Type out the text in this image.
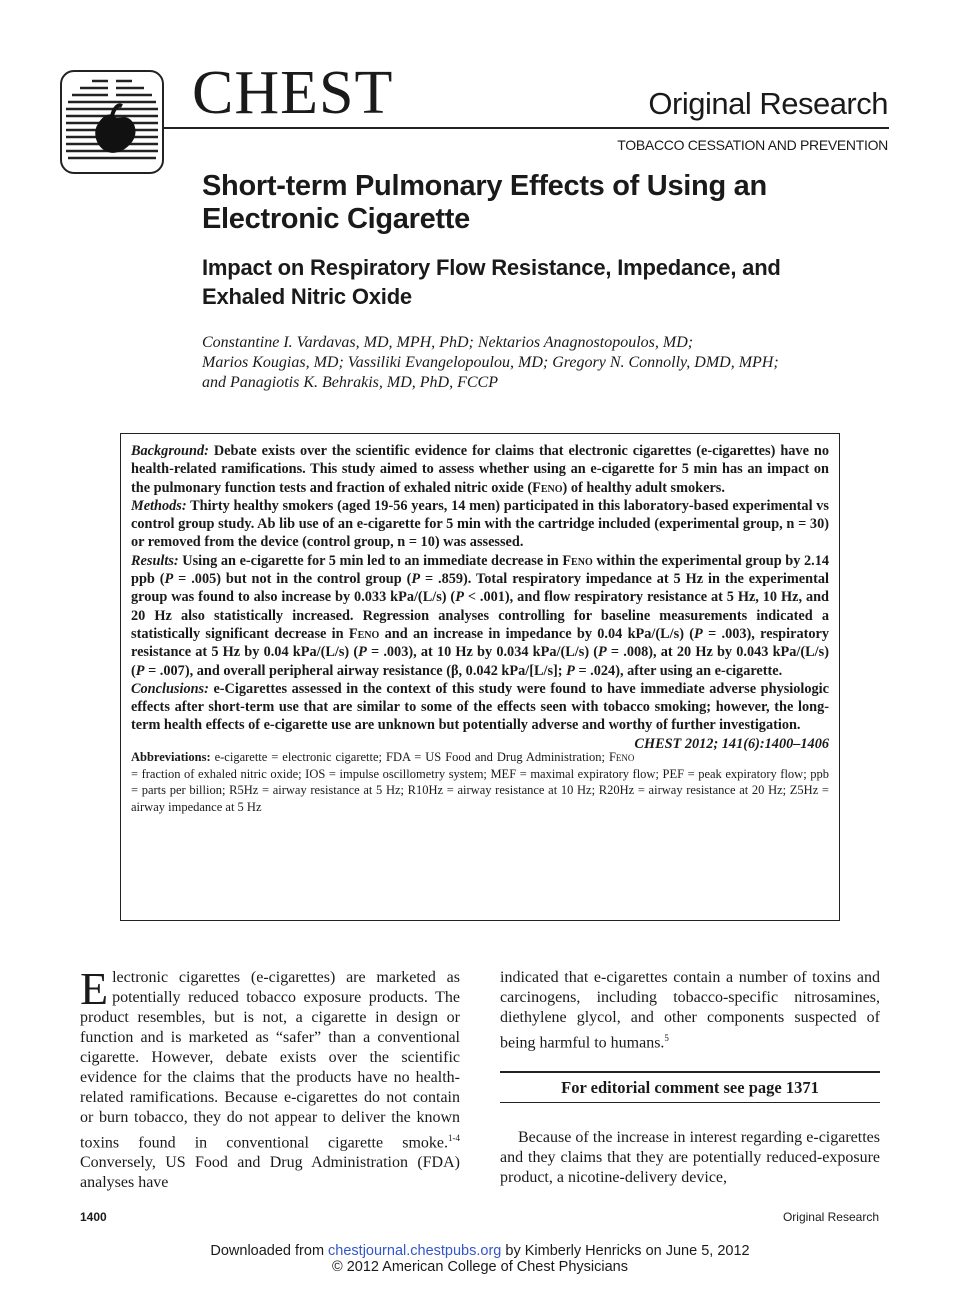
CHEST	Original Research
TOBACCO CESSATION AND PREVENTION
Short-term Pulmonary Effects of Using an Electronic Cigarette
Impact on Respiratory Flow Resistance, Impedance, and Exhaled Nitric Oxide
Constantine I. Vardavas, MD, MPH, PhD; Nektarios Anagnostopoulos, MD;
Marios Kougias, MD; Vassiliki Evangelopoulou, MD; Gregory N. Connolly, DMD, MPH;
and Panagiotis K. Behrakis, MD, PhD, FCCP

Background: Debate exists over the scientific evidence for claims that electronic cigarettes (e-cigarettes) have no health-related ramifications. This study aimed to assess whether using an e-cigarette for 5 min has an impact on the pulmonary function tests and fraction of exhaled nitric oxide (Feno) of healthy adult smokers.

Methods: Thirty healthy smokers (aged 19-56 years, 14 men) participated in this laboratory-based experimental vs control group study. Ab lib use of an e-cigarette for 5 min with the cartridge included (experimental group, n = 30) or removed from the device (control group, n = 10) was assessed.

Results: Using an e-cigarette for 5 min led to an immediate decrease in Feno within the experimental group by 2.14 ppb (P = .005) but not in the control group (P = .859). Total respiratory impedance at 5 Hz in the experimental group was found to also increase by 0.033 kPa/(L/s) (P < .001), and flow respiratory resistance at 5 Hz, 10 Hz, and 20 Hz also statistically increased. Regression analyses controlling for baseline measurements indicated a statistically significant decrease in Feno and an increase in impedance by 0.04 kPa/(L/s) (P = .003), respiratory resistance at 5 Hz by 0.04 kPa/(L/s) (P = .003), at 10 Hz by 0.034 kPa/(L/s) (P = .008), at 20 Hz by 0.043 kPa/(L/s) (P = .007), and overall peripheral airway resistance (β, 0.042 kPa/[L/s]; P = .024), after using an e-cigarette.

Conclusions: e-Cigarettes assessed in the context of this study were found to have immediate adverse physiologic effects after short-term use that are similar to some of the effects seen with tobacco smoking; however, the long-term health effects of e-cigarette use are unknown but potentially adverse and worthy of further investigation.
CHEST 2012; 141(6):1400–1406

Abbreviations: e-cigarette = electronic cigarette; FDA = US Food and Drug Administration; Feno = fraction of exhaled nitric oxide; IOS = impulse oscillometry system; MEF = maximal expiratory flow; PEF = peak expiratory flow; ppb = parts per billion; R5Hz = airway resistance at 5 Hz; R10Hz = airway resistance at 10 Hz; R20Hz = airway resistance at 20 Hz; Z5Hz = airway impedance at 5 Hz
Electronic cigarettes (e-cigarettes) are marketed as potentially reduced tobacco exposure products. The product resembles, but is not, a cigarette in design or function and is marketed as “safer” than a conventional cigarette. However, debate exists over the scientific evidence for the claims that the products have no health-related ramifications. Because e-cigarettes do not contain or burn tobacco, they do not appear to deliver the known toxins found in conventional cigarette smoke.$^{1-4}$ Conversely, US Food and Drug Administration (FDA) analyses have
indicated that e-cigarettes contain a number of toxins and carcinogens, including tobacco-specific nitrosamines, diethylene glycol, and other components suspected of being harmful to humans.$^5$
For editorial comment see page 1371

Because of the increase in interest regarding e-cigarettes and they claims that they are potentially reduced-exposure product, a nicotine-delivery device,

1400	Original Research
Downloaded from chestjournal.chestpubs.org by Kimberly Henricks on June 5, 2012
© 2012 American College of Chest Physicians
